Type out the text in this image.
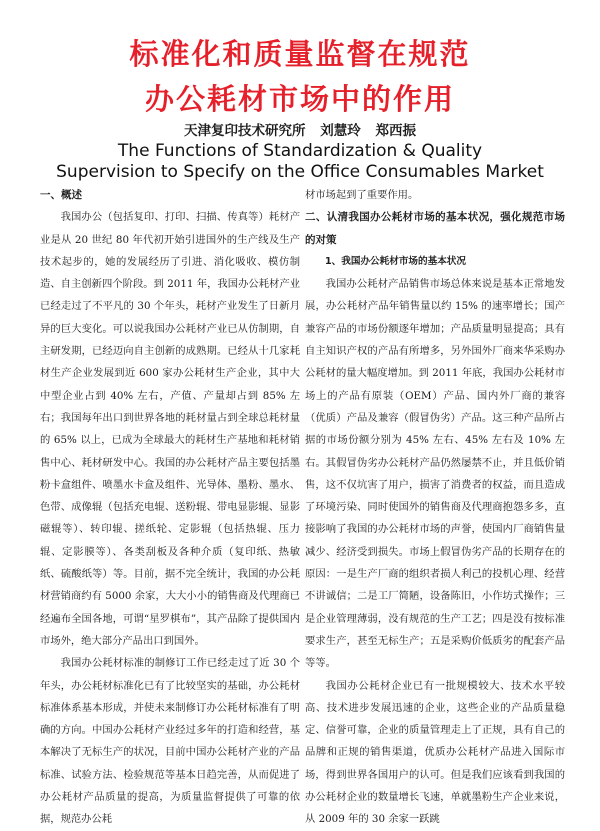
标准化和质量监督在规范
办公耗材市场中的作用
天津复印技术研究所 刘慧玲 郑西振
The Functions of Standardization & Quality
Supervision to Specify on the Office Consumables Market
一、概述

我国办公（包括复印、打印、扫描、传真等）耗材产业是从 20 世纪 80 年代初开始引进国外的生产线及生产技术起步的，她的发展经历了引进、消化吸收、模仿制造、自主创新四个阶段。到 2011 年，我国办公耗材产业已经走过了不平凡的 30 个年头，耗材产业发生了日新月异的巨大变化。可以说我国办公耗材产业已从仿制期，自主研发期，已经迈向自主创新的成熟期。已经从十几家耗材生产企业发展到近 600 家办公耗材生产企业，其中大中型企业占到 40% 左右，产值、产量却占到 85% 左右；我国每年出口到世界各地的耗材量占到全球总耗材量的 65% 以上，已成为全球最大的耗材生产基地和耗材销售中心、耗材研发中心。我国的办公耗材产品主要包括墨粉卡盒组件、喷墨水卡盒及组件、光导体、墨粉、墨水、色带、成像辊（包括充电辊、送粉辊、带电显影辊、显影磁辊等）、转印辊、搓纸轮、定影辊（包括热辊、压力辊、定影膜等）、各类刮板及各种介质（复印纸、热敏纸、硫酸纸等）等。目前，据不完全统计，我国的办公耗材营销商约有 5000 余家，大大小小的销售商及代理商已经遍布全国各地，可谓“星罗棋布”，其产品除了提供国内市场外，绝大部分产品出口到国外。

我国办公耗材标准的制修订工作已经走过了近 30 个年头，办公耗材标准化已有了比较坚实的基础，办公耗材标准体系基本形成，并使未来制修订办公耗材标准有了明确的方向。中国办公耗材产业经过多年的打造和经营，基本解决了无标生产的状况，目前中国办公耗材产业的产品标准、试验方法、检验规范等基本日趋完善，从而促进了办公耗材产品质量的提高，为质量监督提供了可靠的依据，规范办公耗

材市场起到了重要作用。

二、认清我国办公耗材市场的基本状况，强化规范市场的对策
1、我国办公耗材市场的基本状况

我国办公耗材产品销售市场总体来说是基本正常地发展，办公耗材产品年销售量以约 15% 的速率增长；国产兼容产品的市场份额逐年增加；产品质量明显提高；具有自主知识产权的产品有所增多，另外国外厂商来华采购办公耗材的量大幅度增加。到 2011 年底，我国办公耗材市场上的产品有原装（OEM）产品、国内外厂商的兼容（优质）产品及兼容（假冒伪劣）产品。这三种产品所占据的市场份额分别为 45% 左右、45% 左右及 10% 左右。其假冒伪劣办公耗材产品仍然屡禁不止，并且低价销售，这不仅坑害了用户，损害了消费者的权益，而且造成了环境污染、同时使国外的销售商及代理商抱怨多多，直接影响了我国的办公耗材市场的声誉，使国内厂商销售量减少、经济受到损失。市场上假冒伪劣产品的长期存在的原因：一是生产厂商的组织者损人利己的投机心理、经营不讲诚信；二是工厂简陋，设备陈旧，小作坊式操作；三是企业管理薄弱，没有规范的生产工艺；四是没有按标准要求生产，甚至无标生产；五是采购价低质劣的配套产品等等。

我国办公耗材企业已有一批规模较大、技术水平较高、技术进步发展迅速的企业，这些企业的产品质量稳定、信誉可靠，企业的质量管理走上了正规，具有自己的品牌和正规的销售渠道，优质办公耗材产品进入国际市场，得到世界各国用户的认可。但是我们应该看到我国的办公耗材企业的数量增长飞速，单就墨粉生产企业来说，从 2009 年的 30 余家一跃跳
